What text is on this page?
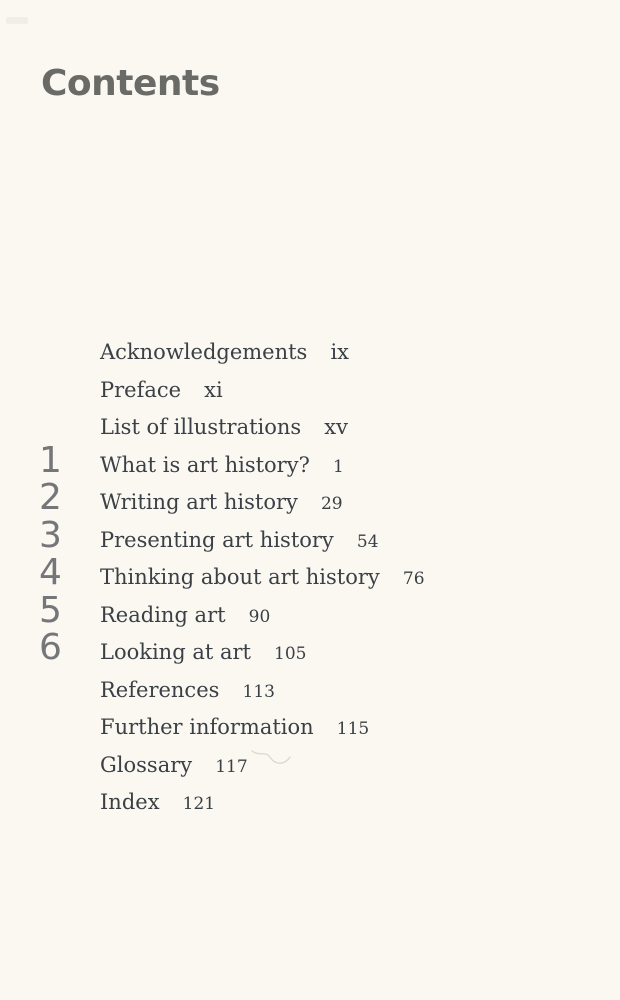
Contents
Acknowledgements ix
Preface xi
List of illustrations xv
1 What is art history? 1
2 Writing art history 29
3 Presenting art history 54
4 Thinking about art history 76
5 Reading art 90
6 Looking at art 105
References 113
Further information 115
Glossary 117
Index 121
